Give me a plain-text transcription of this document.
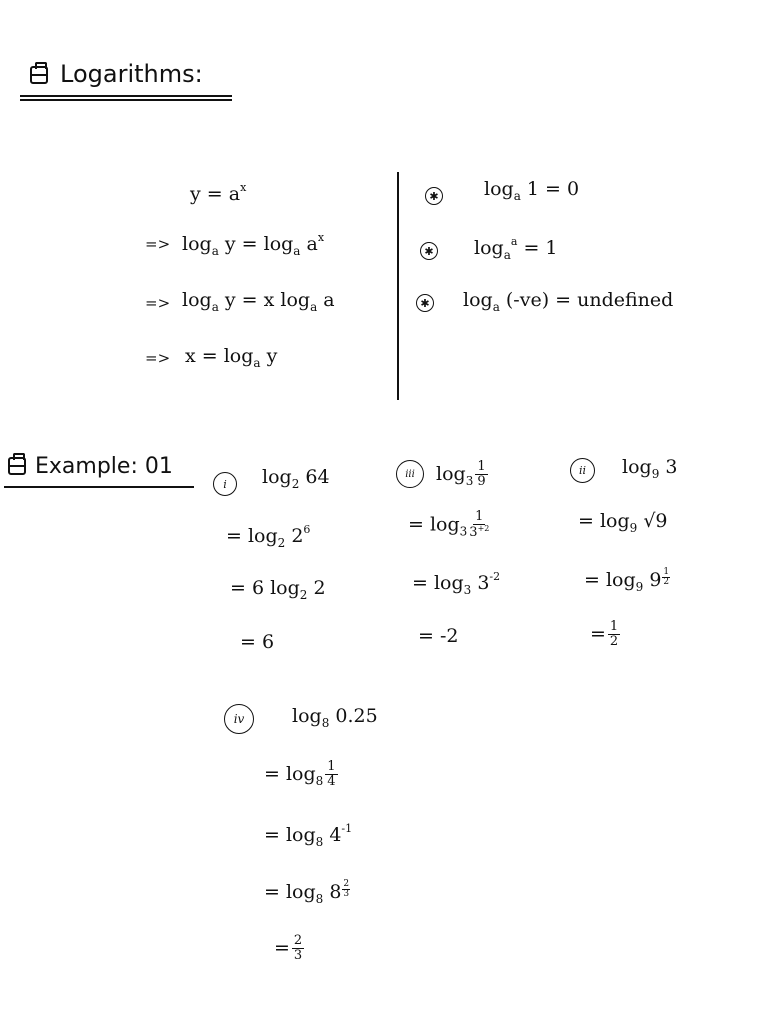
Logarithms:
$y = a^x$
=> $\log_a y = \log_a a^x$
=> $\log_a y = x$ $\log_a a$
=> $x = \log_a y$
✱ $\log_a 1 = 0$
✱ $\log_a^a = 1$
✱ $\log_a (-ve)$ = undefined
Example: 01
i	$\log_2 64$
= $\log_2 2^6$
= 6 $\log_2 2$
= 6
iii	$\log_3 \frac{1}{9}$
= $\log_3 \frac{1}{3^{+2}}$
= $\log_3 3^{-2}$
= -2
ii	$\log_9 3$
= $\log_9 √9$
= $\log_9 9 \frac{1}{2}$
= $\frac{1}{2}$
iv	$\log_8 0.25$
= $\log_8 \frac{1}{4}$
= $\log_8 4^{-1}$
= $\log_8 8 \frac{2}{3}$
= $\frac{2}{3}$
